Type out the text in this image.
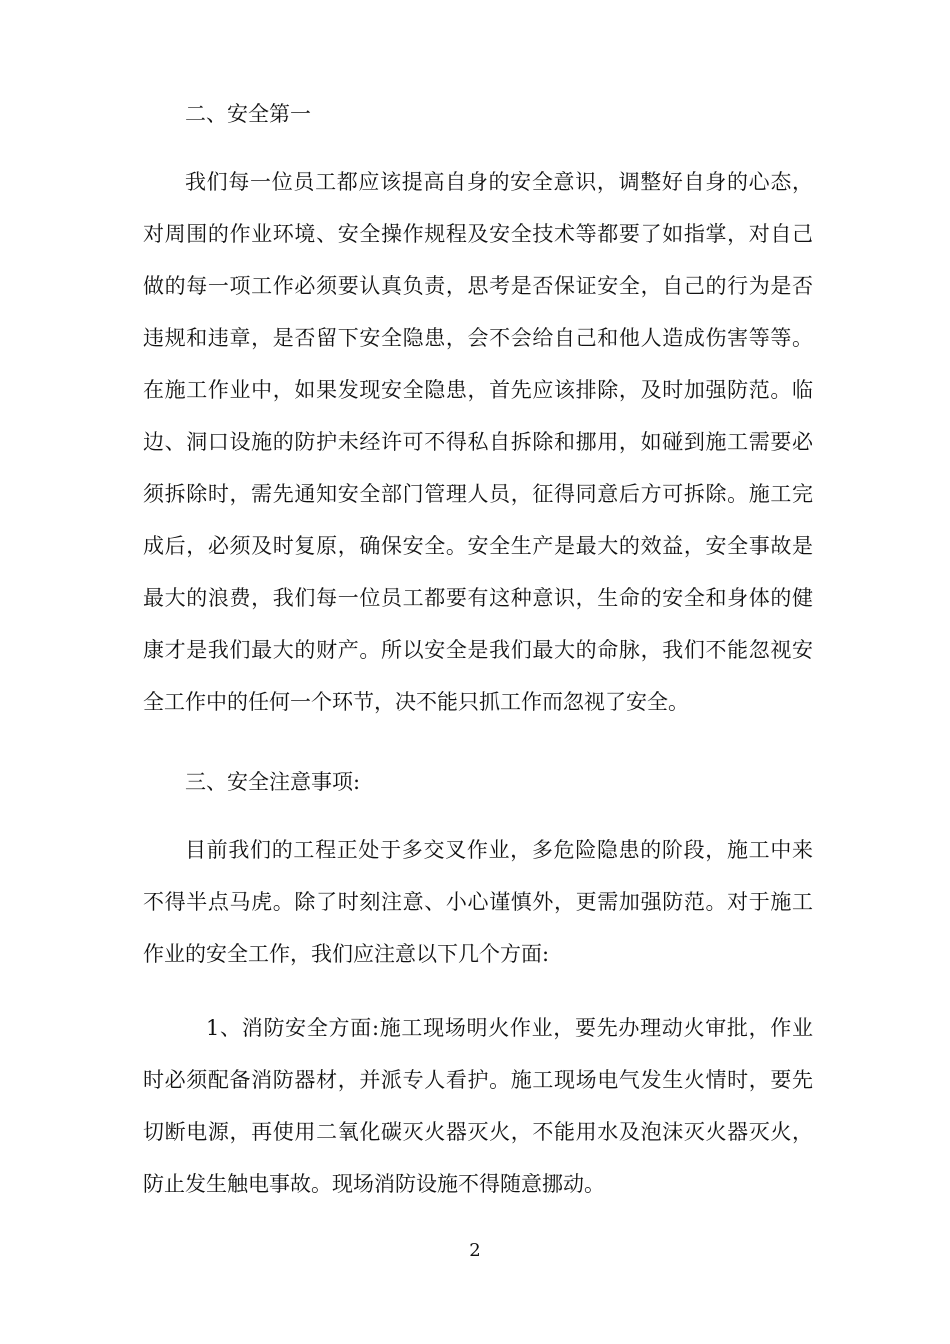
二、安全第一

我们每一位员工都应该提高自身的安全意识，调整好自身的心态，对周围的作业环境、安全操作规程及安全技术等都要了如指掌，对自己做的每一项工作必须要认真负责，思考是否保证安全，自己的行为是否违规和违章，是否留下安全隐患，会不会给自己和他人造成伤害等等。在施工作业中，如果发现安全隐患，首先应该排除，及时加强防范。临边、洞口设施的防护未经许可不得私自拆除和挪用，如碰到施工需要必须拆除时，需先通知安全部门管理人员，征得同意后方可拆除。施工完成后，必须及时复原，确保安全。安全生产是最大的效益，安全事故是最大的浪费，我们每一位员工都要有这种意识，生命的安全和身体的健康才是我们最大的财产。所以安全是我们最大的命脉，我们不能忽视安全工作中的任何一个环节，决不能只抓工作而忽视了安全。

三、安全注意事项:

目前我们的工程正处于多交叉作业，多危险隐患的阶段，施工中来不得半点马虎。除了时刻注意、小心谨慎外，更需加强防范。对于施工作业的安全工作，我们应注意以下几个方面:

1、消防安全方面:施工现场明火作业，要先办理动火审批，作业时必须配备消防器材，并派专人看护。施工现场电气发生火情时，要先切断电源，再使用二氧化碳灭火器灭火，不能用水及泡沫灭火器灭火，防止发生触电事故。现场消防设施不得随意挪动。

2
